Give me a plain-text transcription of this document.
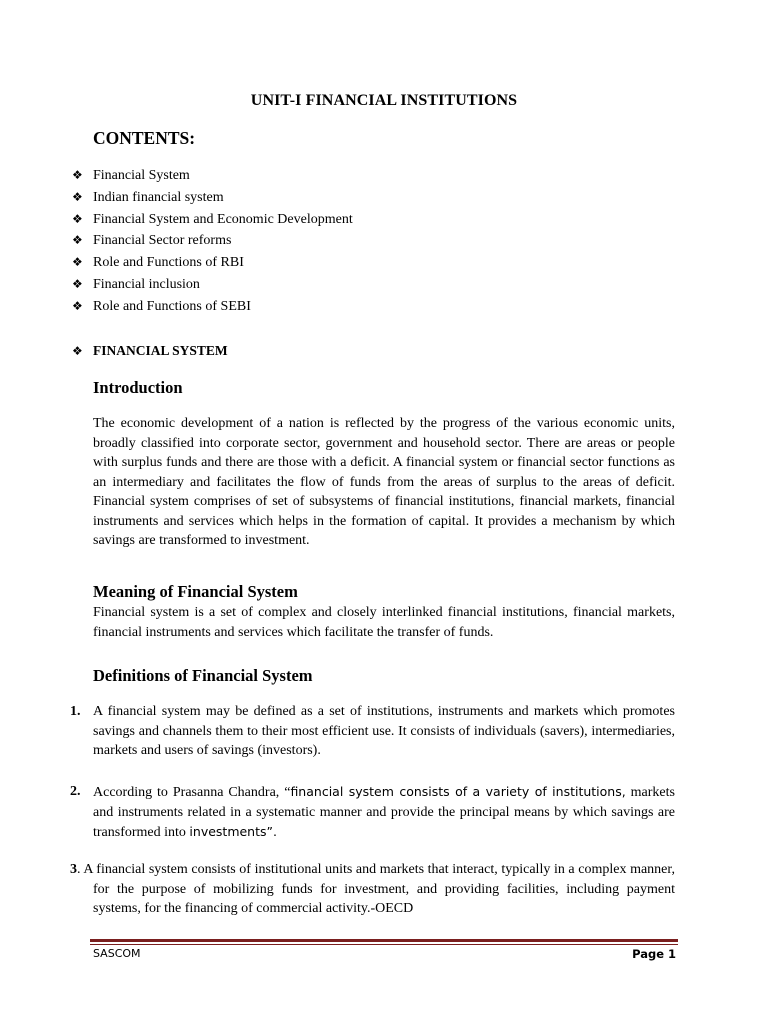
UNIT-I FINANCIAL INSTITUTIONS
CONTENTS:
❖ Financial System
❖ Indian financial system
❖ Financial System and Economic Development
❖ Financial Sector reforms
❖ Role and Functions of RBI
❖ Financial inclusion
❖ Role and Functions of SEBI
❖ FINANCIAL SYSTEM
Introduction

The economic development of a nation is reflected by the progress of the various economic units, broadly classified into corporate sector, government and household sector. There are areas or people with surplus funds and there are those with a deficit. A financial system or financial sector functions as an intermediary and facilitates the flow of funds from the areas of surplus to the areas of deficit. Financial system comprises of set of subsystems of financial institutions, financial markets, financial instruments and services which helps in the formation of capital. It provides a mechanism by which savings are transformed to investment.

Meaning of Financial System

Financial system is a set of complex and closely interlinked financial institutions, financial markets, financial instruments and services which facilitate the transfer of funds.

Definitions of Financial System
1. A financial system may be defined as a set of institutions, instruments and markets which promotes savings and channels them to their most efficient use. It consists of individuals (savers), intermediaries, markets and users of savings (investors).
2. According to Prasanna Chandra, “financial system consists of a variety of institutions, markets and instruments related in a systematic manner and provide the principal means by which savings are transformed into investments”.
3 . A financial system consists of institutional units and markets that interact, typically in a complex manner, for the purpose of mobilizing funds for investment, and providing facilities, including payment systems, for the financing of commercial activity.-OECD
SASCOM	Page 1
